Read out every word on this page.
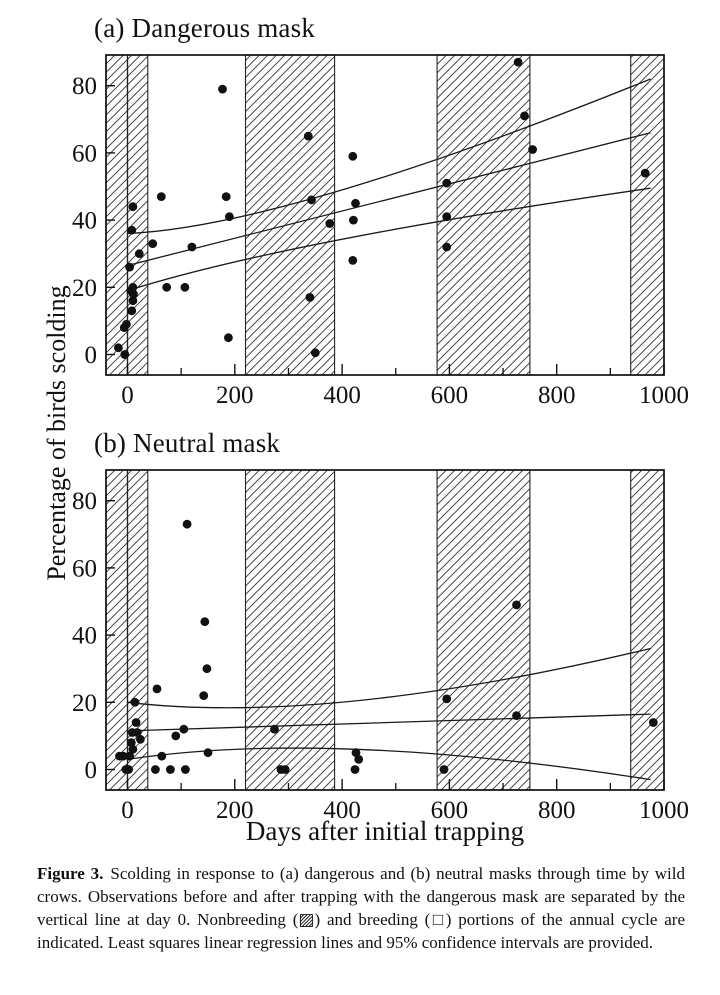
(a) Dangerous mask
0	200	400	600	800	1000
0
20
40
60
80
(b) Neutral mask
0	200	400	600	800	1000
0
20
40
60
80
Percentage of birds scolding
Days after initial trapping

Figure 3. Scolding in response to (a) dangerous and (b) neutral masks through time by wild crows. Observations before and after trapping with the dangerous mask are separated by the vertical line at day 0. Nonbreeding (▨) and breeding (□) portions of the annual cycle are indicated. Least squares linear regression lines and 95% confidence intervals are provided.
